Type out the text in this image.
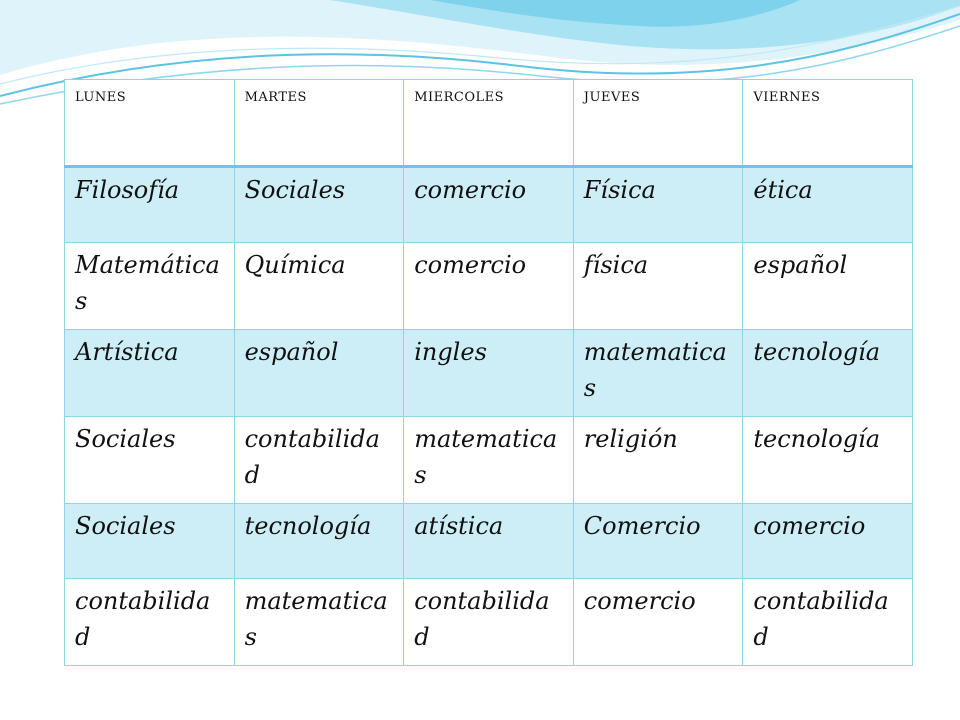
LUNES	MARTES	MIERCOLES	JUEVES	VIERNES
Filosofía	Sociales	comercio	Física	ética
Matemáticas	Química	comercio	física	español
Artística	español	ingles	matematicas	tecnología
Sociales	contabilidad	matematicas	religión	tecnología
Sociales	tecnología	atística	Comercio	comercio
contabilidad	matematicas	contabilidad	comercio	contabilidad
